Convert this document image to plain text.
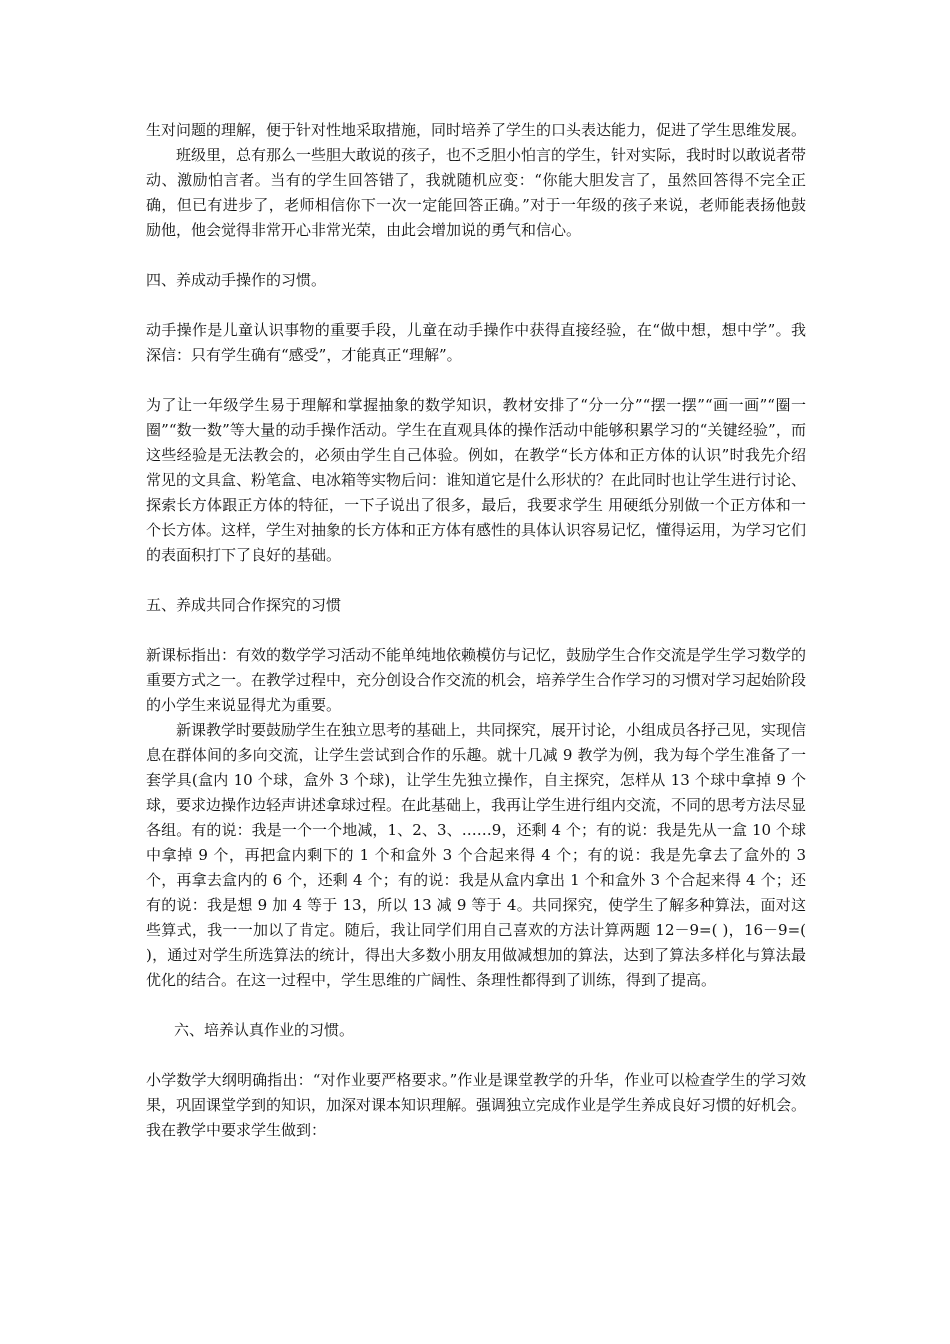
生对问题的理解，便于针对性地采取措施，同时培养了学生的口头表达能力，促进了学生思维发展。

班级里，总有那么一些胆大敢说的孩子，也不乏胆小怕言的学生，针对实际，我时时以敢说者带动、激励怕言者。当有的学生回答错了，我就随机应变：“你能大胆发言了，虽然回答得不完全正确，但已有进步了，老师相信你下一次一定能回答正确。”对于一年级的孩子来说，老师能表扬他鼓励他，他会觉得非常开心非常光荣，由此会增加说的勇气和信心。

四、养成动手操作的习惯。

动手操作是儿童认识事物的重要手段，儿童在动手操作中获得直接经验，在“做中想，想中学”。我深信：只有学生确有“感受”，才能真正“理解”。

为了让一年级学生易于理解和掌握抽象的数学知识，教材安排了“分一分”“摆一摆”“画一画”“圈一圈”“数一数”等大量的动手操作活动。学生在直观具体的操作活动中能够积累学习的“关键经验”，而这些经验是无法教会的，必须由学生自己体验。例如，在教学“长方体和正方体的认识”时我先介绍常见的文具盒、粉笔盒、电冰箱等实物后问：谁知道它是什么形状的？在此同时也让学生进行讨论、探索长方体跟正方体的特征，一下子说出了很多，最后，我要求学生 用硬纸分别做一个正方体和一个长方体。这样，学生对抽象的长方体和正方体有感性的具体认识容易记忆，懂得运用，为学习它们的表面积打下了良好的基础。

五、养成共同合作探究的习惯

新课标指出：有效的数学学习活动不能单纯地依赖模仿与记忆，鼓励学生合作交流是学生学习数学的重要方式之一。在教学过程中，充分创设合作交流的机会，培养学生合作学习的习惯对学习起始阶段的小学生来说显得尤为重要。

新课教学时要鼓励学生在独立思考的基础上，共同探究，展开讨论，小组成员各抒己见，实现信息在群体间的多向交流，让学生尝试到合作的乐趣。就十几减 9 教学为例，我为每个学生准备了一套学具(盒内 10 个球，盒外 3 个球)，让学生先独立操作，自主探究，怎样从 13 个球中拿掉 9 个球，要求边操作边轻声讲述拿球过程。在此基础上，我再让学生进行组内交流，不同的思考方法尽显各组。有的说：我是一个一个地减，1、2、3、……9，还剩 4 个；有的说：我是先从一盒 10 个球中拿掉 9 个，再把盒内剩下的 1 个和盒外 3 个合起来得 4 个；有的说：我是先拿去了盒外的 3 个，再拿去盒内的 6 个，还剩 4 个；有的说：我是从盒内拿出 1 个和盒外 3 个合起来得 4 个；还有的说：我是想 9 加 4 等于 13，所以 13 减 9 等于 4。共同探究，使学生了解多种算法，面对这些算式，我一一加以了肯定。随后，我让同学们用自己喜欢的方法计算两题 12－9=( )，16－9=( )，通过对学生所选算法的统计，得出大多数小朋友用做减想加的算法，达到了算法多样化与算法最优化的结合。在这一过程中，学生思维的广阔性、条理性都得到了训练，得到了提高。

六、培养认真作业的习惯。

小学数学大纲明确指出：“对作业要严格要求。”作业是课堂教学的升华，作业可以检查学生的学习效果，巩固课堂学到的知识，加深对课本知识理解。强调独立完成作业是学生养成良好习惯的好机会。我在教学中要求学生做到：
